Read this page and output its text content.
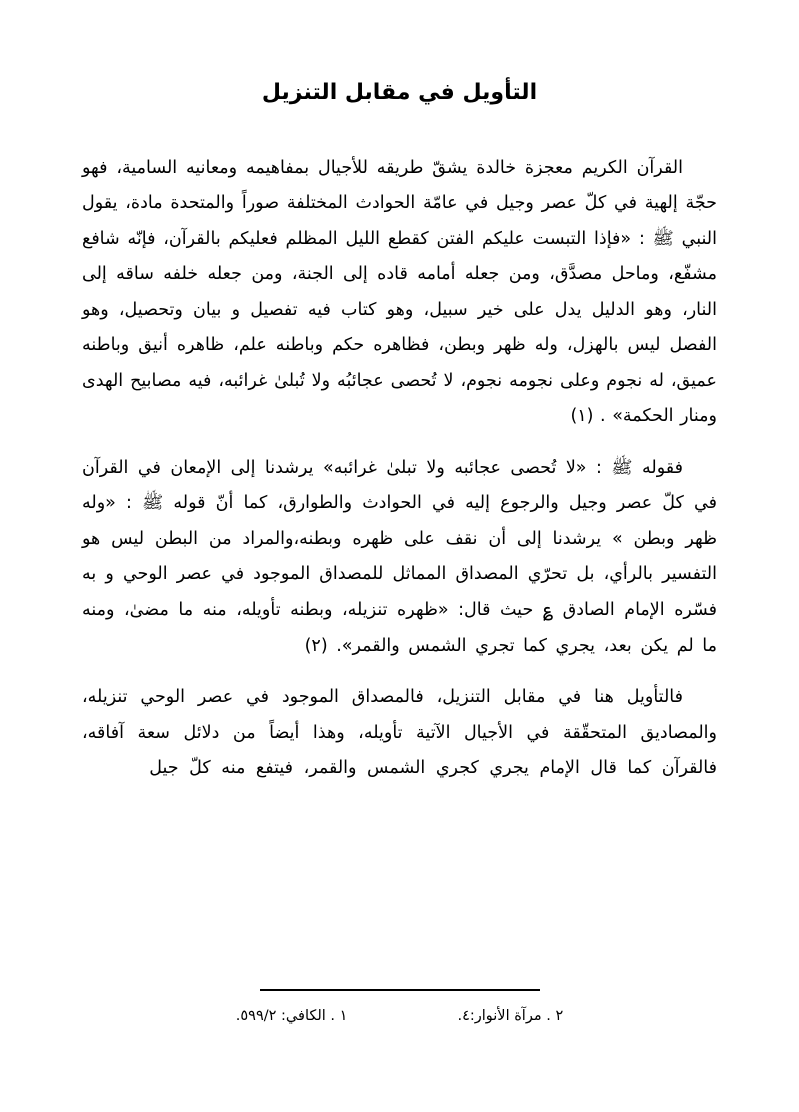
التأويل في مقابل التنزيل

القرآن الكريم معجزة خالدة يشقّ طريقه للأجيال بمفاهيمه ومعانيه السامية، فهو حجّة إلهية في كلّ عصر وجيل في عامّة الحوادث المختلفة صوراً والمتحدة مادة، يقول النبي ﷺ : «فإذا التبست عليكم الفتن كقطع الليل المظلم فعليكم بالقرآن، فإنّه شافع مشفّع، وماحل مصدَّق، ومن جعله أمامه قاده إلى الجنة، ومن جعله خلفه ساقه إلى النار، وهو الدليل يدل على خير سبيل، وهو كتاب فيه تفصيل و بيان وتحصيل، وهو الفصل ليس بالهزل، وله ظهر وبطن، فظاهره حكم وباطنه علم، ظاهره أنيق وباطنه عميق، له نجوم وعلى نجومه نجوم، لا تُحصى عجائبُه ولا تُبلىٰ غرائبه، فيه مصابيح الهدى ومنار الحكمة» . (١)

فقوله ﷺ : «لا تُحصى عجائبه ولا تبلىٰ غرائبه» يرشدنا إلى الإمعان في القرآن في كلّ عصر وجيل والرجوع إليه في الحوادث والطوارق، كما أنّ قوله ﷺ : «وله ظهر وبطن » يرشدنا إلى أن نقف على ظهره وبطنه،والمراد من البطن ليس هو التفسير بالرأي، بل تحرّي المصداق المماثل للمصداق الموجود في عصر الوحي و به فسّره الإمام الصادق ؏ حيث قال: «ظهره تنزيله، وبطنه تأويله، منه ما مضىٰ، ومنه ما لم يكن بعد، يجري كما تجري الشمس والقمر». (٢)

فالتأويل هنا في مقابل التنزيل، فالمصداق الموجود في عصر الوحي تنزيله، والمصاديق المتحقّقة في الأجيال الآتية تأويله، وهذا أيضاً من دلائل سعة آفاقه، فالقرآن كما قال الإمام يجري كجري الشمس والقمر، فيتفع منه كلّ جيل

٢ . مرآة الأنوار:٤.
١ . الكافي: ٥٩٩/٢.
